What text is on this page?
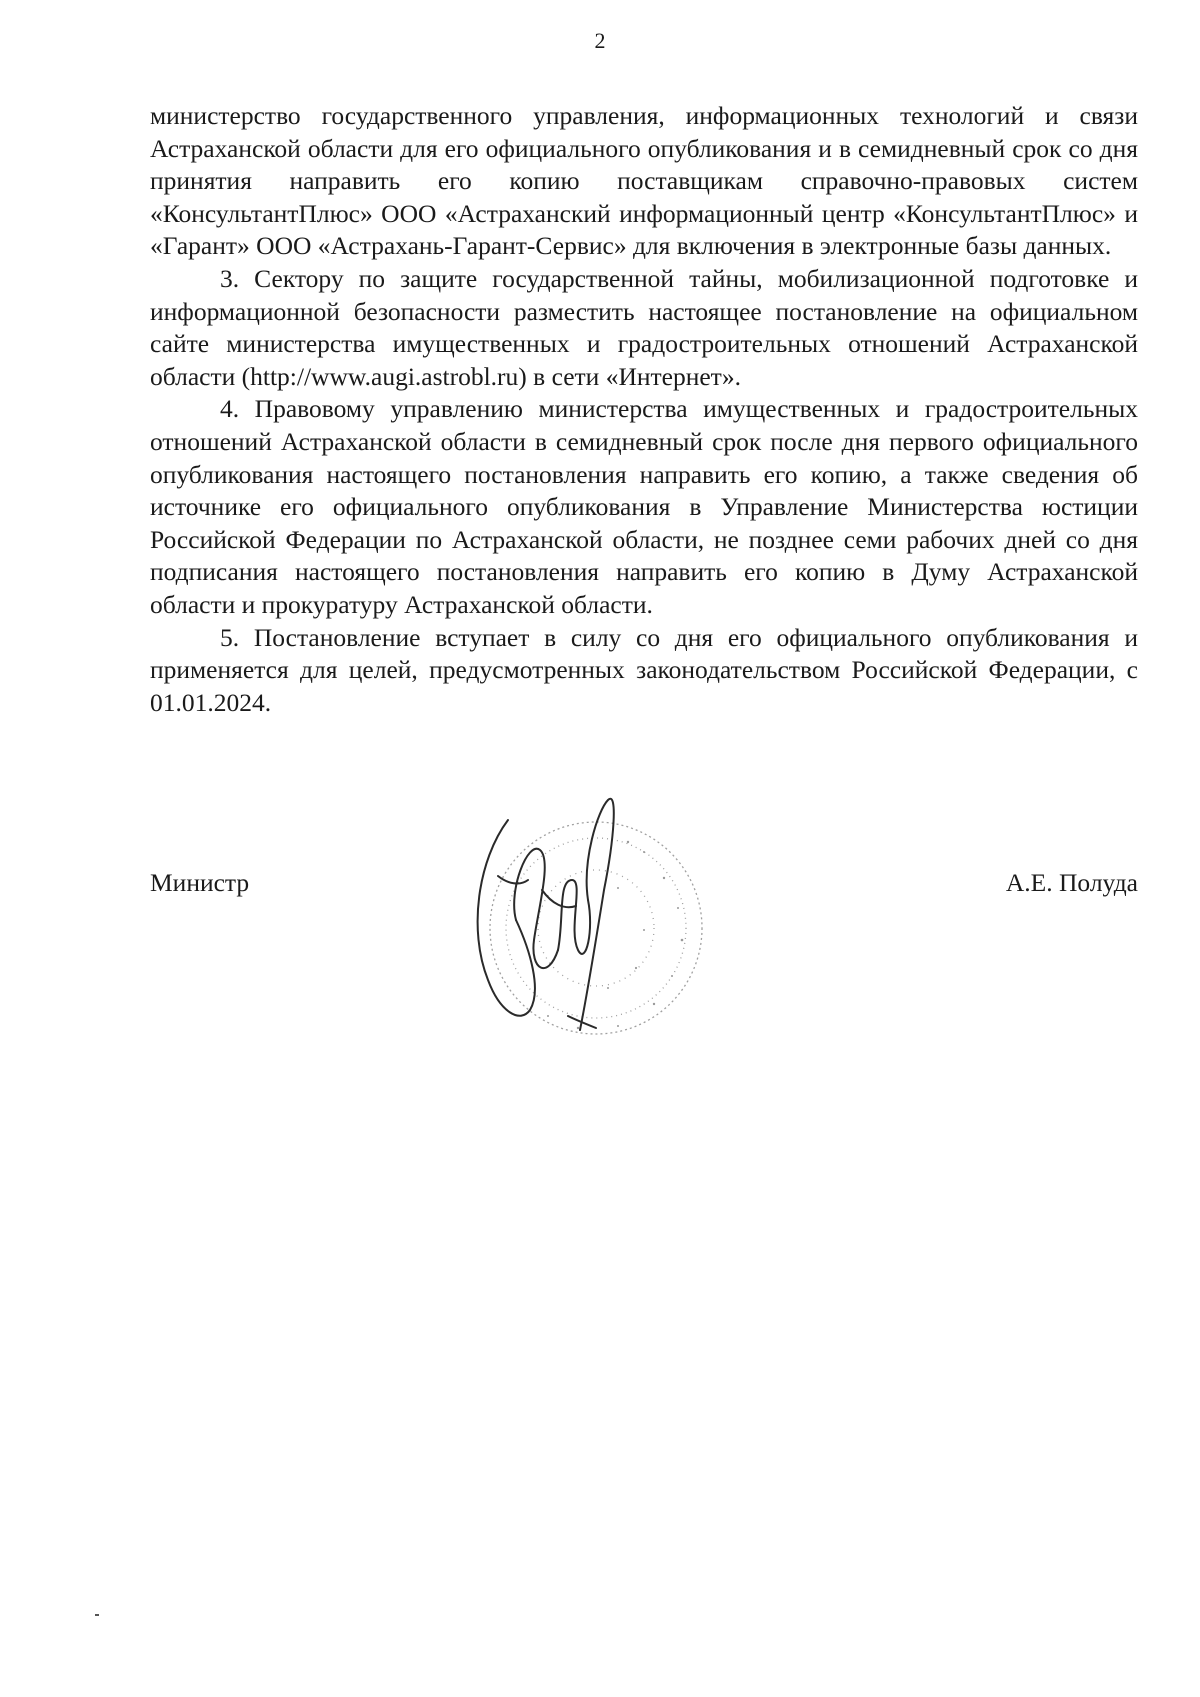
2

министерство государственного управления, информационных технологий и связи Астраханской области для его официального опубликования и в семидневный срок со дня принятия направить его копию поставщикам справочно-правовых систем «КонсультантПлюс» ООО «Астраханский информационный центр «КонсультантПлюс» и «Гарант» ООО «Астрахань-Гарант-Сервис» для включения в электронные базы данных.

3. Сектору по защите государственной тайны, мобилизационной подготовке и информационной безопасности разместить настоящее постановление на официальном сайте министерства имущественных и градостроительных отношений Астраханской области (http://www.augi.astrobl.ru) в сети «Интернет».

4. Правовому управлению министерства имущественных и градостроительных отношений Астраханской области в семидневный срок после дня первого официального опубликования настоящего постановления направить его копию, а также сведения об источнике его официального опубликования в Управление Министерства юстиции Российской Федерации по Астраханской области, не позднее семи рабочих дней со дня подписания настоящего постановления направить его копию в Думу Астраханской области и прокуратуру Астраханской области.

5. Постановление вступает в силу со дня его официального опубликования и применяется для целей, предусмотренных законодательством Российской Федерации, с 01.01.2024.

Министр	А.Е. Полуда
